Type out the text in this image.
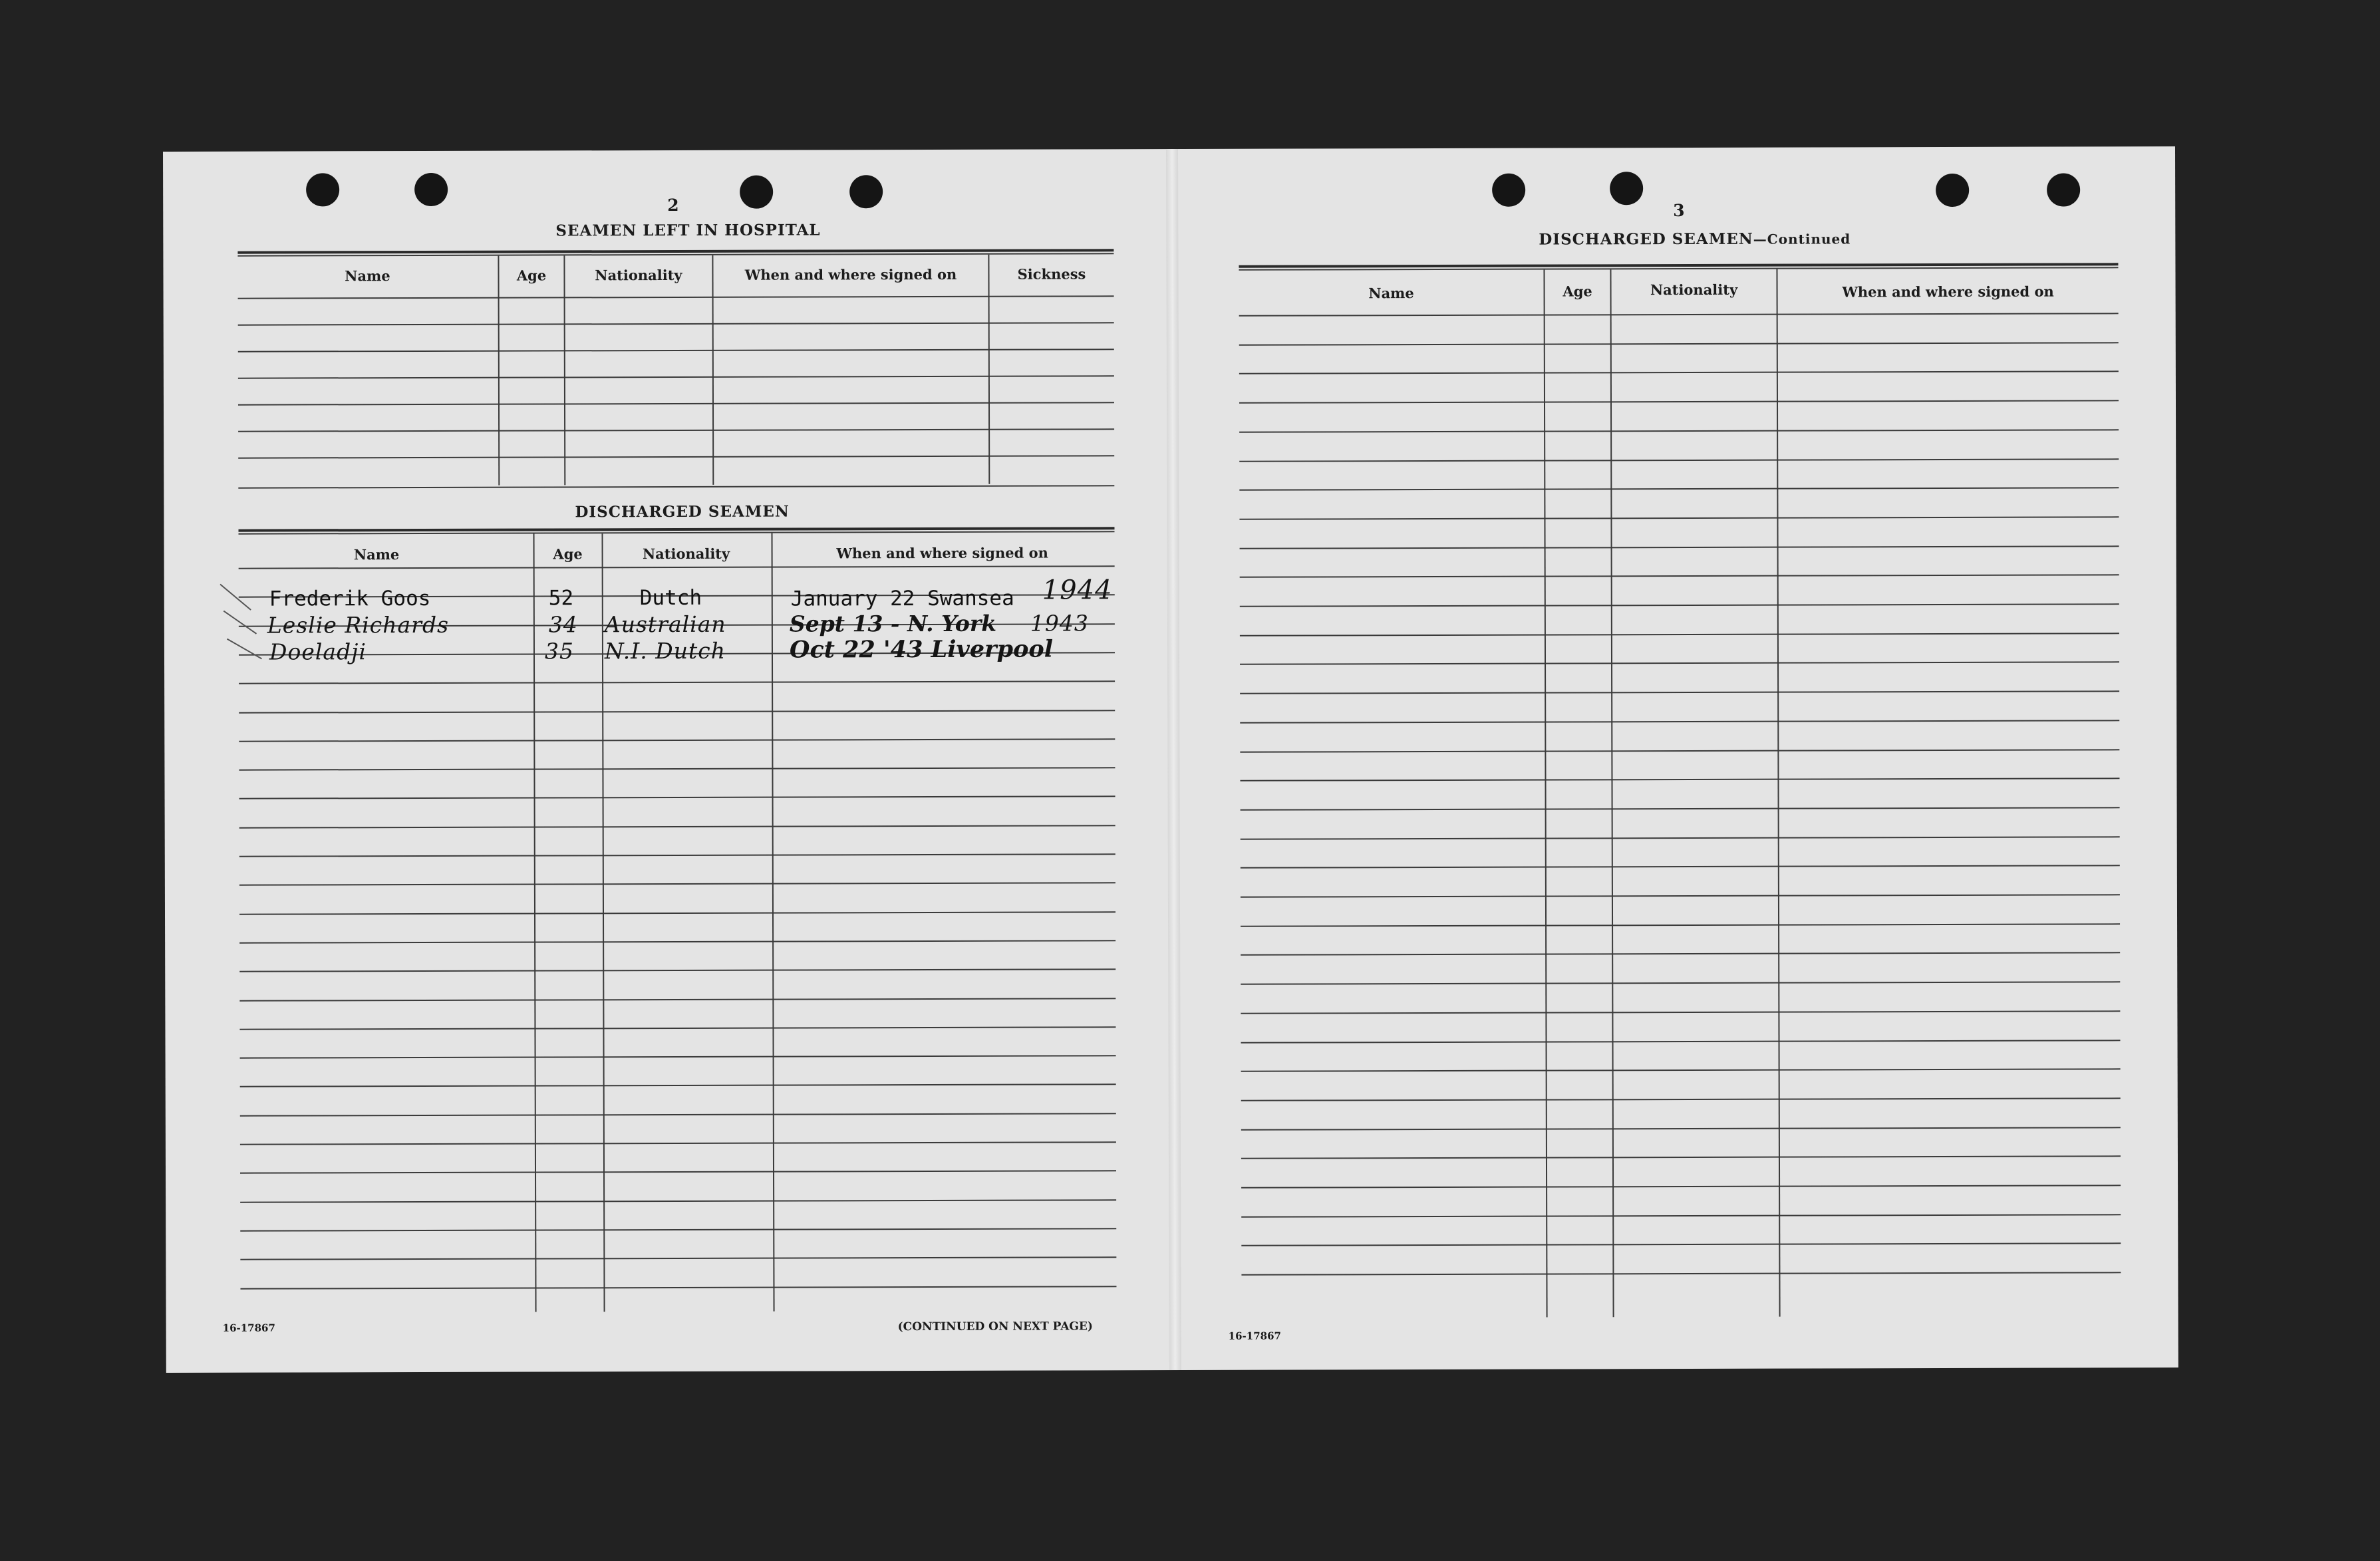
2
SEAMEN LEFT IN HOSPITAL
Name	Age	Nationality	When and where signed on	Sickness
DISCHARGED SEAMEN
Name	Age	Nationality	When and where signed on
Frederik Goos	52	Dutch	January 22 Swansea 1944
Leslie Richards	34 Australian	Sept 13 - N. York 1943
Doeladji	35 N.I. Dutch	Oct 22 '43 Liverpool
16-17867	(CONTINUED ON NEXT PAGE)
3
DISCHARGED SEAMEN—Continued
Name	Age	Nationality	When and where signed on
16-17867
